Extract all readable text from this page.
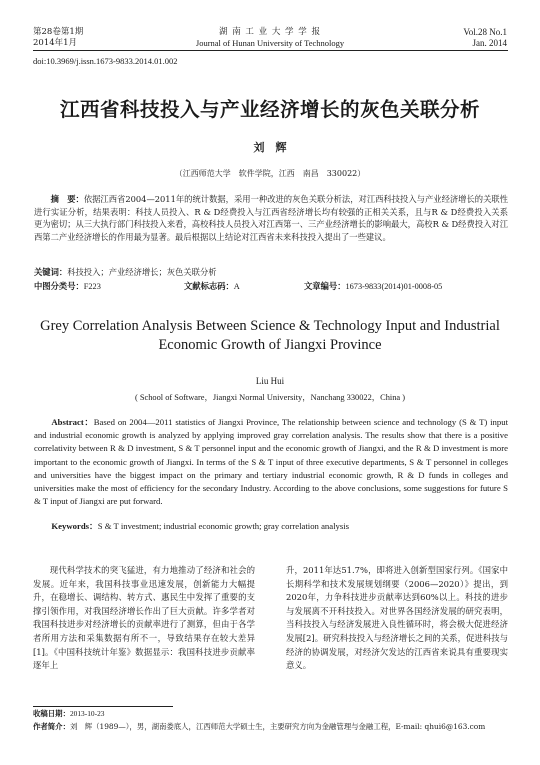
第28卷第1期
2014年1月
湖 南 工 业 大 学 学 报
Journal of Hunan University of Technology
Vol.28 No.1
Jan. 2014
doi:10.3969/j.issn.1673-9833.2014.01.002
江西省科技投入与产业经济增长的灰色关联分析
刘　辉
（江西师范大学　软件学院，江西　南昌　330022）
摘　要：依据江西省2004—2011年的统计数据，采用一种改进的灰色关联分析法，对江西科技投入与产业经济增长的关联性进行实证分析，结果表明：科技人员投入、R & D经费投入与江西省经济增长均有较强的正相关关系，且与R & D经费投入关系更为密切；从三大执行部门科技投入来看，高校科技人员投入对江西第一、三产业经济增长的影响最大，高校R & D经费投入对江西第二产业经济增长的作用最为显著。最后根据以上结论对江西省未来科技投入提出了一些建议。
关键词：科技投入；产业经济增长；灰色关联分析
中图分类号：F223	文献标志码：A	文章编号：1673-9833(2014)01-0008-05
Grey Correlation Analysis Between Science & Technology Input and Industrial Economic Growth of Jiangxi Province
Liu Hui
( School of Software，Jiangxi Normal University，Nanchang 330022，China )
Abstract：Based on 2004—2011 statistics of Jiangxi Province, The relationship between science and technology (S & T) input and industrial economic growth is analyzed by applying improved gray correlation analysis. The results show that there is a positive correlativity between R & D investment, S & T personnel input and the economic growth of Jiangxi, and the R & D investment is more important to the economic growth of Jiangxi. In terms of the S & T input of three executive departments, S & T personnel in colleges and universities have the biggest impact on the primary and tertiary industrial economic growth, R & D funds in colleges and universities make the most of efficiency for the secondary Industry. According to the above conclusions, some suggestions for future S & T input of Jiangxi are put forward.
Keywords：S & T investment; industrial economic growth; gray correlation analysis
现代科学技术的突飞猛进，有力地推动了经济和社会的发展。近年来，我国科技事业迅速发展，创新能力大幅提升，在稳增长、调结构、转方式、惠民生中发挥了重要的支撑引领作用，对我国经济增长作出了巨大贡献。许多学者对我国科技进步对经济增长的贡献率进行了测算，但由于各学者所用方法和采集数据有所不一，导致结果存在较大差异[1]。《中国科技统计年鉴》数据显示：我国科技进步贡献率逐年上
升，2011年达51.7%，即将进入创新型国家行列。《国家中长期科学和技术发展规划纲要（2006—2020）》提出，到2020年，力争科技进步贡献率达到60%以上。科技的进步与发展离不开科技投入。对世界各国经济发展的研究表明，当科技投入与经济发展进入良性循环时，将会极大促进经济发展[2]。研究科技投入与经济增长之间的关系，促进科技与经济的协调发展，对经济欠发达的江西省来说具有重要现实意义。
收稿日期：2013-10-23
作者简介：刘　辉（1989—），男，湖南娄底人，江西师范大学硕士生，主要研究方向为金融管理与金融工程，E-mail: qhui6@163.com
